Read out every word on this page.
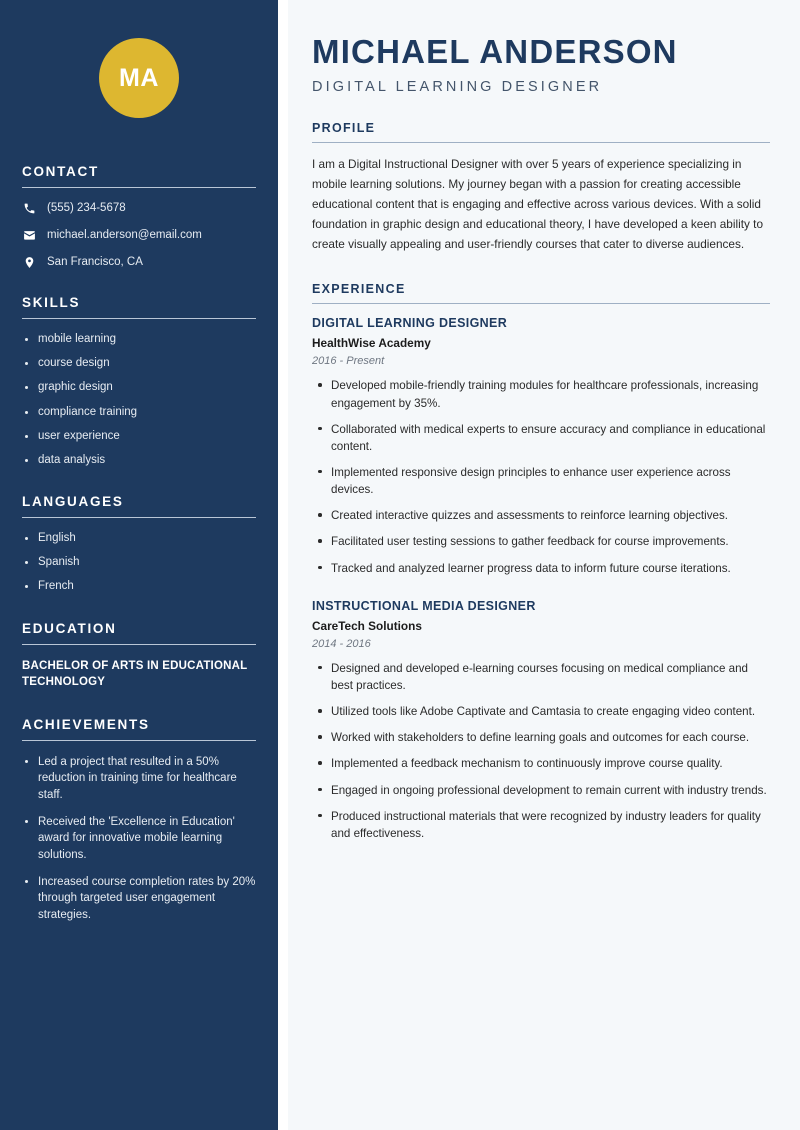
MA
CONTACT
(555) 234-5678
michael.anderson@email.com
San Francisco, CA
SKILLS
mobile learning
course design
graphic design
compliance training
user experience
data analysis
LANGUAGES
English
Spanish
French
EDUCATION
BACHELOR OF ARTS IN EDUCATIONAL TECHNOLOGY
ACHIEVEMENTS
Led a project that resulted in a 50% reduction in training time for healthcare staff.
Received the 'Excellence in Education' award for innovative mobile learning solutions.
Increased course completion rates by 20% through targeted user engagement strategies.
MICHAEL ANDERSON
DIGITAL LEARNING DESIGNER
PROFILE

I am a Digital Instructional Designer with over 5 years of experience specializing in mobile learning solutions. My journey began with a passion for creating accessible educational content that is engaging and effective across various devices. With a solid foundation in graphic design and educational theory, I have developed a keen ability to create visually appealing and user-friendly courses that cater to diverse audiences.

EXPERIENCE
DIGITAL LEARNING DESIGNER
HealthWise Academy
2016 - Present
Developed mobile-friendly training modules for healthcare professionals, increasing engagement by 35%.
Collaborated with medical experts to ensure accuracy and compliance in educational content.
Implemented responsive design principles to enhance user experience across devices.
Created interactive quizzes and assessments to reinforce learning objectives.
Facilitated user testing sessions to gather feedback for course improvements.
Tracked and analyzed learner progress data to inform future course iterations.
INSTRUCTIONAL MEDIA DESIGNER
CareTech Solutions
2014 - 2016
Designed and developed e-learning courses focusing on medical compliance and best practices.
Utilized tools like Adobe Captivate and Camtasia to create engaging video content.
Worked with stakeholders to define learning goals and outcomes for each course.
Implemented a feedback mechanism to continuously improve course quality.
Engaged in ongoing professional development to remain current with industry trends.
Produced instructional materials that were recognized by industry leaders for quality and effectiveness.
